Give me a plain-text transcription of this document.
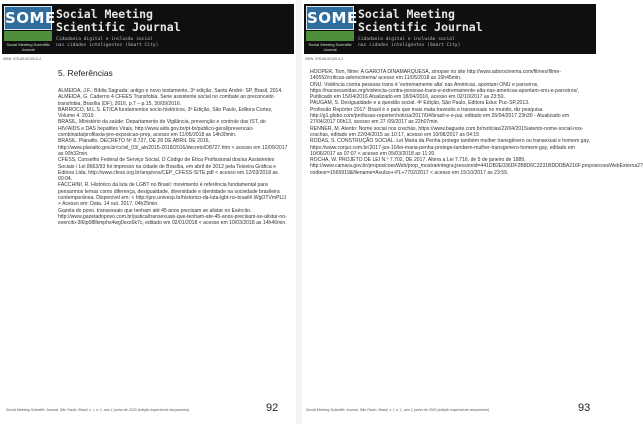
SOME
Social Meeting Scientific Journal
Social Meeting
Scientific Journal
Cidadania digital e inclusão social
nas cidades inteligentes (Smart City)
ISBN: 978-65-90109-0-2
5. Referências

ALMEIDA, J.F.; Bíblia Sagrada: antigo e novo testamento, 3ª edição, Santo André- SP, Brasil, 2014.

ALMEIDA, G. Caderno 4 CFEES Transfobia. Serie assistente social no combate ao preconceito transfobia, Brasília (DF), 2016, p.7 – p.15, 30/09/2016.

BARROCO, M.L.S. ÉTICA fundamentos socio-históricos, 3ª Edição, São Paulo, Editora Cortez, Volume 4. 2010.

BRASIL, Ministério da saúde: Departamento de Vigilância, prevenção e controle das IST, do HIV/AIDS e DAS hepatites Virais, http://www.aids.gov.br/pt-br/publico-geral/prevencao-combinada/profilaxia-pre-exposicao-prep, acesso em 11/05/2018 as 14h30min.

BRASIL. Planalto. DECRETO Nº 8.727, DE 28 DE ABRIL DE 2016, http://www.planalto.gov.br/ccivil_03/_ato2015-2018/2016/decreto/D8727.htm < acesso em 12/09/2017 as 00h32min.

CFESS, Conselho Federal de Serviço Social, O Código de Ética Profissional dos/as Assistentes Sociais / Lei 8663/93 foi impresso na cidade de Brasília, em abril de 2012 pela Teixeira Gráfica e Editora Ltda. http://www.cfess.org.br/arquivos/CEP_CFESS-SITE.pdf < acesso em 12/03/2018 as 00:04.

FACCHINI, R. Histórico da luta de LGBT no Brasil: movimento é referência fundamental para pensarmos temas como diferença, desigualdade, diversidade e identidade na sociedade brasileira contemporânea. Disponível em: < http://pre.univesp.br/historico-da-luta-lgbt-no-brasil#.WgOTVmPLlJ > Acesso em: Data. 14 out. 2017, 04h25min.

Gazeta do povo. transexuais que tenham até 45 anos precisam se alistar no Exército. http://www.gazetadopovo.com.br/justica/transexuais-que-tenham-ate-45-anos-precisam-se-alistar-no-exercito-3l6tp08llkmphs4wg0sxo6k7c, editado em 02/01/2018 < acesso em 10/03/2018 as 14h46min.

Social Meeting Scientific Journal, São Paulo, Brasil, v. I, n. 1, ano 1 junho de 2020 (edição especial de lançamento)	92
SOME
Social Meeting Scientific Journal
Social Meeting
Scientific Journal
Cidadania digital e inclusão social
nas cidades inteligentes (Smart City)
ISBN: 978-65-90109-0-2

HOOPER, Tom, filme: A GAROTA DINAMARQUESA, sinopse no site http://www.adorocinema.com/filmes/filme-140552/criticas-adorocinema/ acesso em 11/05/2018 as 16h45min.

ONU. Violência contra pessoas trans é 'extremamente alta' nas Américas, apontam ONU e parceiros, https://nacoesunidas.org/violencia-contra-pessoas-trans-e-extremamente-alta-nas-americas-apontam-onu-e-parceiros/, Publicado em 15/04/2016 Atualizado em 18/04/2016, acesso em 02/10/2017 as 23:50.

PAUGAM, S. Desigualdade e a questão social. 4ª Edição, São Paulo, Editora Educ Puc-SP,2013.

Profissão Repórter 2017: Brasil é o país que mais mata travestis e transexuais no mundo, diz pesquisa http://g1.globo.com/profissao-reporter/noticia/2017/04/brasil-e-o-pai, editado em 26/04/2017 23h30 - Atualizado em 27/04/2017 00h13, acesso em 27 /09/2017 as 22h07min.

RENNER, M. Atento: Nome social nos crachás, https://www.baguete.com.br/noticias/22/04/2015/atento-nome-social-nos-crachas, editado em 22/04/2015 as 10:17, acesso em 10/08/2017 as 04:15

RODAS, S. CONSTRUÇÃO SOCIAL. Lei Maria da Penha protege também mulher transgênero ou transexual e homem gay, https://www.conjur.com.br/2017-jun-10/lei-maria-penha-protege-tambem-mulher-transgenero-homem-gay, editado em 10/06/2017 as 07:07 < acesso em 05/03/2018 as 11:20.

ROCHA, W. PROJETO DE LEI N.º 7.702, DE 2017. Altera a Lei 7.716, de 5 de janeiro de 1989, http://www.camara.gov.br/proposicoesWeb/prop_mostrarintegra;jsessionid=441DB2E036DF2B8D6C3231BDDDBA216F.proposicoesWebExterna2?codteor=1565919&filename=Avulso+-PL+7702/2017 < acesso em 15/10/2017 as 23:59.

Social Meeting Scientific Journal, São Paulo, Brasil, v. I, n. 1, ano 1 junho de 2020 (edição especial de lançamento)	93
